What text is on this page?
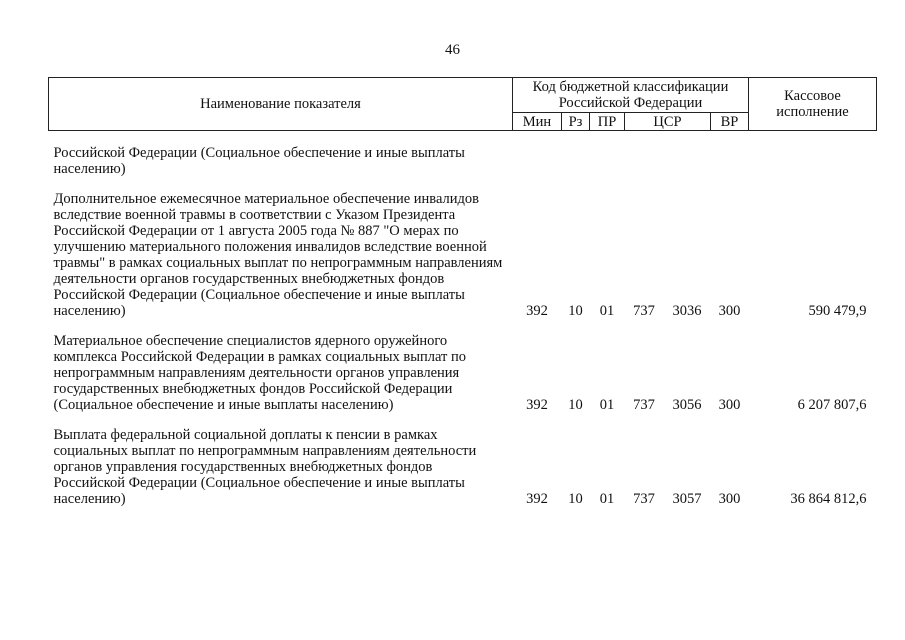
46
Наименование показателя	Код бюджетной классификации Российской Федерации						Кассовое исполнение
	Мин	Рз	ПР	ЦСР		ВР	
Российской Федерации (Социальное обеспечение и иные выплаты населению)							

Дополнительное ежемесячное материальное обеспечение инвалидов вследствие военной травмы в соответствии с Указом Президента Российской Федерации от 1 августа 2005 года № 887 "О мерах по улучшению материального положения инвалидов вследствие военной травмы" в рамках социальных выплат по непрограммным направлениям деятельности органов государственных внебюджетных фондов Российской Федерации (Социальное обеспечение и иные выплаты населению)	392	10	01	737	3036	300	590 479,9

Материальное обеспечение специалистов ядерного оружейного комплекса Российской Федерации в рамках социальных выплат по непрограммным направлениям деятельности органов управления государственных внебюджетных фондов Российской Федерации (Социальное обеспечение и иные выплаты населению)	392	10	01	737	3056	300	6 207 807,6

Выплата федеральной социальной доплаты к пенсии в рамках социальных выплат по непрограммным направлениям деятельности органов управления государственных внебюджетных фондов Российской Федерации (Социальное обеспечение и иные выплаты населению)	392	10	01	737	3057	300	36 864 812,6
